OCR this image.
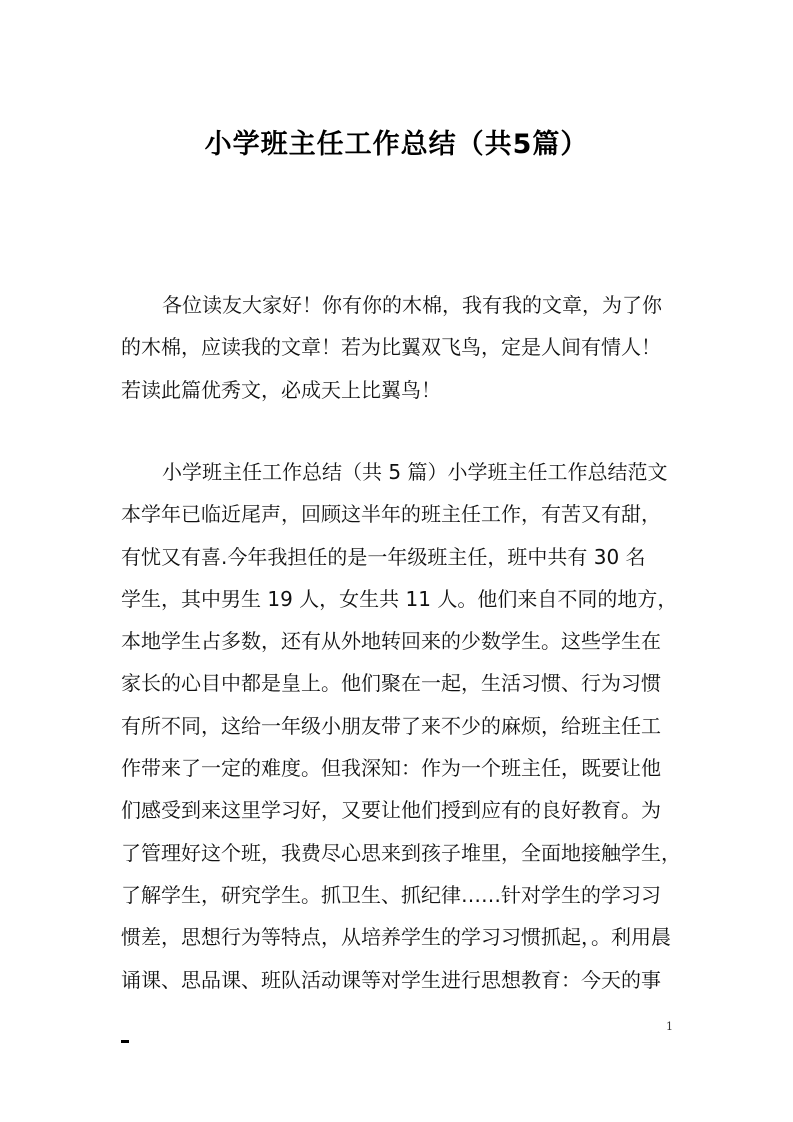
小学班主任工作总结（共5篇）
各位读友大家好！你有你的木棉，我有我的文章，为了你
的木棉，应读我的文章！若为比翼双飞鸟，定是人间有情人！
若读此篇优秀文，必成天上比翼鸟！
小学班主任工作总结（共 5 篇）小学班主任工作总结范文
本学年已临近尾声，回顾这半年的班主任工作，有苦又有甜，
有忧又有喜.今年我担任的是一年级班主任，班中共有 30 名
学生，其中男生 19 人，女生共 11 人。他们来自不同的地方，
本地学生占多数，还有从外地转回来的少数学生。这些学生在
家长的心目中都是皇上。他们聚在一起，生活习惯、行为习惯
有所不同，这给一年级小朋友带了来不少的麻烦，给班主任工
作带来了一定的难度。但我深知：作为一个班主任，既要让他
们感受到来这里学习好，又要让他们授到应有的良好教育。为
了管理好这个班，我费尽心思来到孩子堆里，全面地接触学生，
了解学生，研究学生。抓卫生、抓纪律……针对学生的学习习
惯差，思想行为等特点，从培养学生的学习习惯抓起，。利用晨
诵课、思品课、班队活动课等对学生进行思想教育：今天的事
1
